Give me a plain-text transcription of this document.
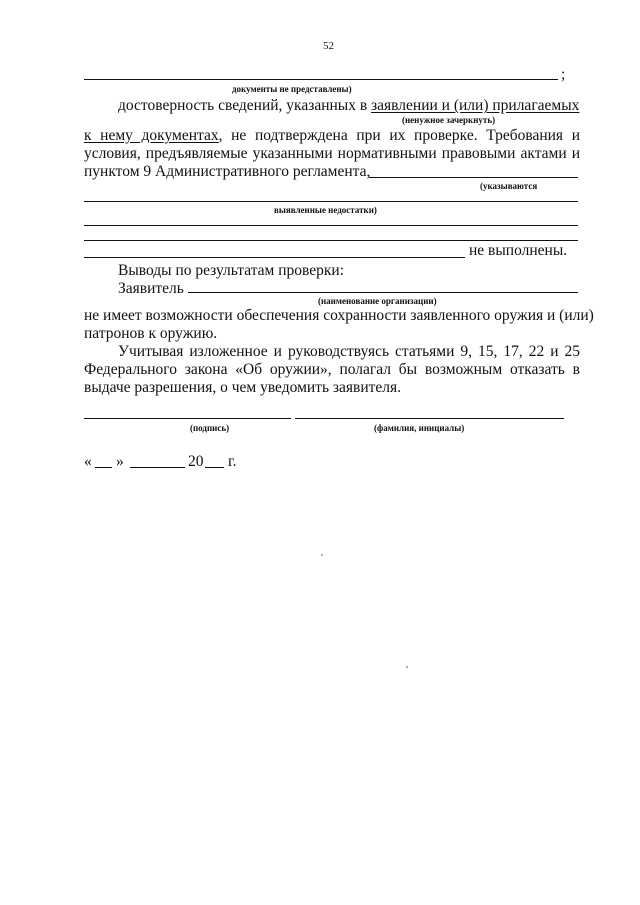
52
;
документы не представлены)
достоверность сведений, указанных в заявлении и (или) прилагаемых
(ненужное зачеркнуть)
к нему документах, не подтверждена при их проверке. Требования и
условия, предъявляемые указанными нормативными правовыми актами и
пунктом 9 Административного регламента,
(указываются
выявленные недостатки)
не выполнены.
Выводы по результатам проверки:
Заявитель
(наименование организации)
не имеет возможности обеспечения сохранности заявленного оружия и (или)
патронов к оружию.
Учитывая изложенное и руководствуясь статьями 9, 15, 17, 22 и 25
Федерального закона «Об оружии», полагал бы возможным отказать в
выдаче разрешения, о чем уведомить заявителя.
(подпись)	(фамилия, инициалы)
« »	20 г.
